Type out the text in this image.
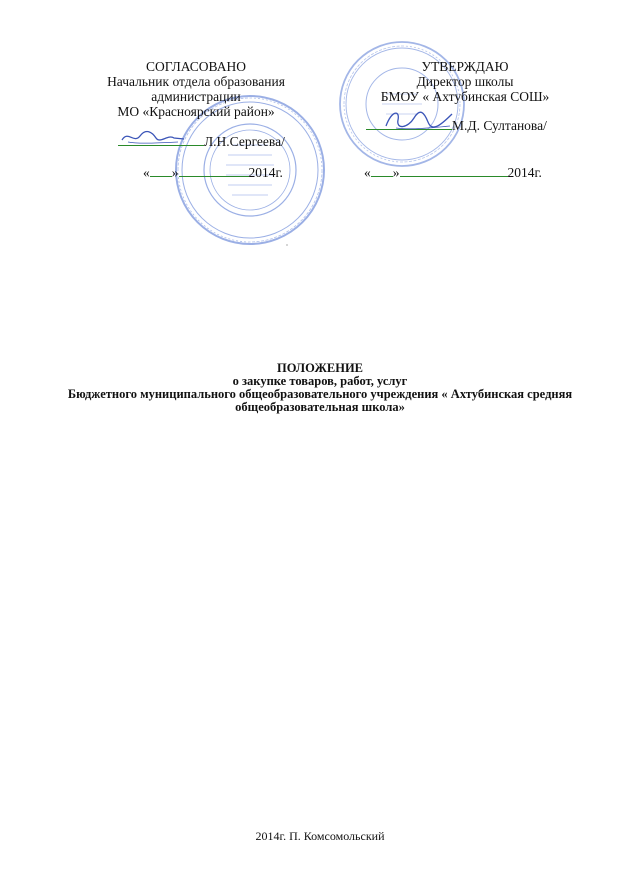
СОГЛАСОВАНО
Начальник отдела образования
администрации
МО «Красноярский район»
Л.Н.Сергеева/
« »	2014г.
УТВЕРЖДАЮ
Директор школы
БМОУ « Ахтубинская СОШ»
М.Д. Султанова/
« »	2014г.
ПОЛОЖЕНИЕ
о закупке товаров, работ, услуг
Бюджетного муниципального общеобразовательного учреждения « Ахтубинская средняя
общеобразовательная школа»
2014г. П. Комсомольский
